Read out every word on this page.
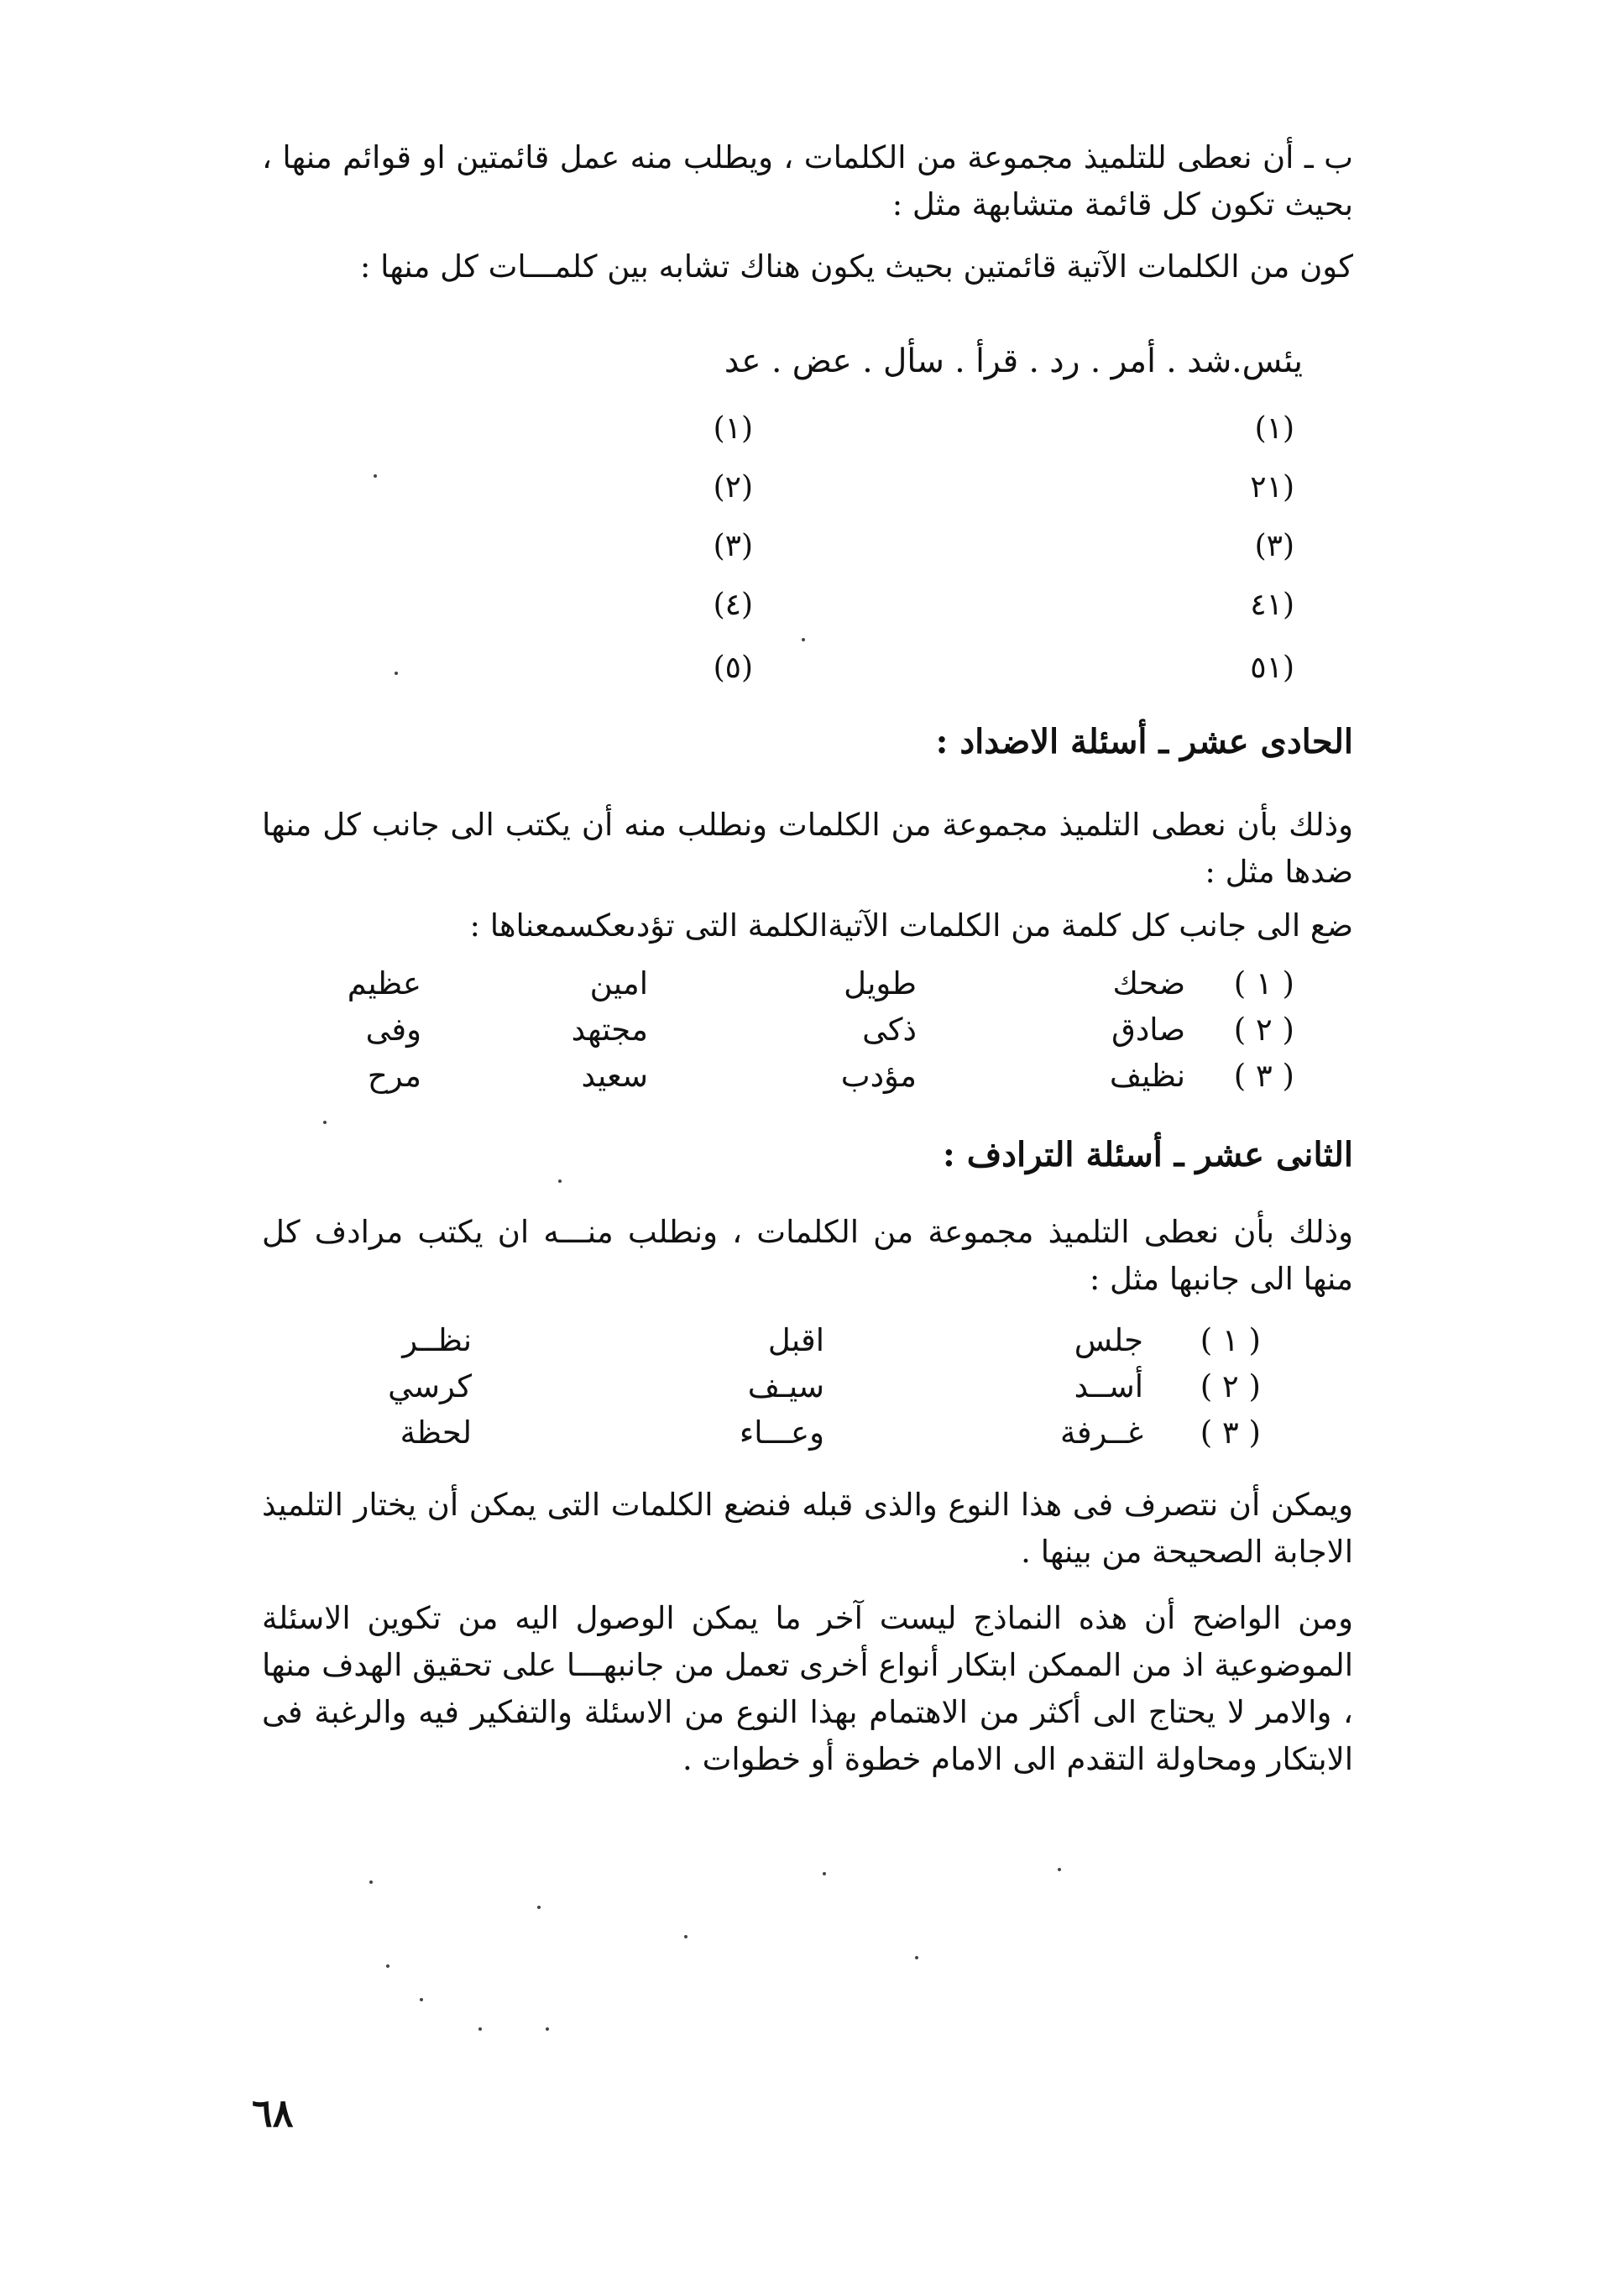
ب ـ أن نعطى للتلميذ مجموعة من الكلمات ، ويطلب منه عمل قائمتين او قوائم منها ، بحيث تكون كل قائمة متشابهة مثل :

كون من الكلمات الآتية قائمتين بحيث يكون هناك تشابه بين كلمـــات كل منها :

يئس.شد . أمر . رد . قرأ . سأل . عض . عد

(١)
(٢١
(٣)
(٤١
(٥١
(١)
(٢)
(٣)
(٤)
(٥)
الحادى عشر ـ أسئلة الاضداد :

وذلك بأن نعطى التلميذ مجموعة من الكلمات ونطلب منه أن يكتب الى جانب كل منها ضدها مثل :

ضع الى جانب كل كلمة من الكلمات الآتيةالكلمة التى تؤدىعكسمعناها :

( ١ )
ضحك
طويل
امين
عظيم
( ٢ )
صادق
ذكى
مجتهد
وفى
( ٣ )
نظيف
مؤدب
سعيد
مرح
الثانى عشر ـ أسئلة الترادف :

وذلك بأن نعطى التلميذ مجموعة من الكلمات ، ونطلب منـــه ان يكتب مرادف كل منها الى جانبها مثل :

( ١ )
جلس
اقبل
نظــر
( ٢ )
أســد
سيـف
كرسي
( ٣ )
غــرفة
وعـــاء
لحظة

ويمكن أن نتصرف فى هذا النوع والذى قبله فنضع الكلمات التى يمكن أن يختار التلميذ الاجابة الصحيحة من بينها .

ومن الواضح أن هذه النماذج ليست آخر ما يمكن الوصول اليه من تكوين الاسئلة الموضوعية اذ من الممكن ابتكار أنواع أخرى تعمل من جانبهـــا على تحقيق الهدف منها ، والامر لا يحتاج الى أكثر من الاهتمام بهذا النوع من الاسئلة والتفكير فيه والرغبة فى الابتكار ومحاولة التقدم الى الامام خطوة أو خطوات .

٦٨
